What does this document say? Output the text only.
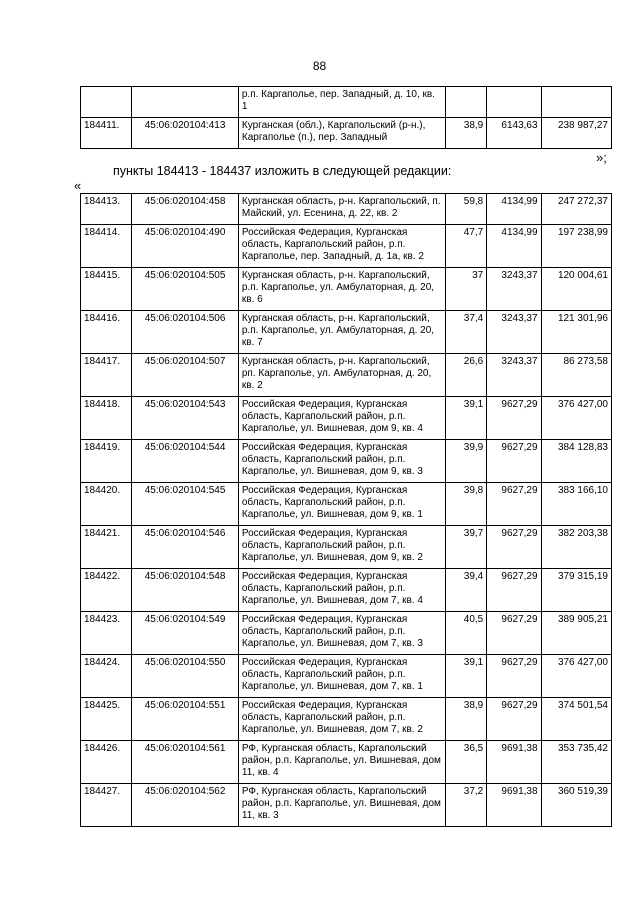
88
		р.п. Каргаполье, пер. Западный, д. 10, кв. 1			
184411.	45:06:020104:413	Курганская (обл.), Каргапольский (р-н.), Каргаполье (п.), пер. Западный	38,9	6143,63	238 987,27
»;
пункты 184413 - 184437 изложить в следующей редакции:
«
184413.	45:06:020104:458	Курганская область, р-н. Каргапольский, п. Майский, ул. Есенина, д. 22, кв. 2	59,8	4134,99	247 272,37
184414.	45:06:020104:490	Российская Федерация, Курганская область, Каргапольский район, р.п. Каргаполье, пер. Западный, д. 1а, кв. 2	47,7	4134,99	197 238,99
184415.	45:06:020104:505	Курганская область, р-н. Каргапольский, р.п. Каргаполье, ул. Амбулаторная, д. 20, кв. 6	37	3243,37	120 004,61
184416.	45:06:020104:506	Курганская область, р-н. Каргапольский, р.п. Каргаполье, ул. Амбулаторная, д. 20, кв. 7	37,4	3243,37	121 301,96
184417.	45:06:020104:507	Курганская область, р-н. Каргапольский, рп. Каргаполье, ул. Амбулаторная, д. 20, кв. 2	26,6	3243,37	86 273,58
184418.	45:06:020104:543	Российская Федерация, Курганская область, Каргапольский район, р.п. Каргаполье, ул. Вишневая, дом 9, кв. 4	39,1	9627,29	376 427,00
184419.	45:06:020104:544	Российская Федерация, Курганская область, Каргапольский район, р.п. Каргаполье, ул. Вишневая, дом 9, кв. 3	39,9	9627,29	384 128,83
184420.	45:06:020104:545	Российская Федерация, Курганская область, Каргапольский район, р.п. Каргаполье, ул. Вишневая, дом 9, кв. 1	39,8	9627,29	383 166,10
184421.	45:06:020104:546	Российская Федерация, Курганская область, Каргапольский район, р.п. Каргаполье, ул. Вишневая, дом 9, кв. 2	39,7	9627,29	382 203,38
184422.	45:06:020104:548	Российская Федерация, Курганская область, Каргапольский район, р.п. Каргаполье, ул. Вишневая, дом 7, кв. 4	39,4	9627,29	379 315,19
184423.	45:06:020104:549	Российская Федерация, Курганская область, Каргапольский район, р.п. Каргаполье, ул. Вишневая, дом 7, кв. 3	40,5	9627,29	389 905,21
184424.	45:06:020104:550	Российская Федерация, Курганская область, Каргапольский район, р.п. Каргаполье, ул. Вишневая, дом 7, кв. 1	39,1	9627,29	376 427,00
184425.	45:06:020104:551	Российская Федерация, Курганская область, Каргапольский район, р.п. Каргаполье, ул. Вишневая, дом 7, кв. 2	38,9	9627,29	374 501,54
184426.	45:06:020104:561	РФ, Курганская область, Каргапольский район, р.п. Каргаполье, ул. Вишневая, дом 11, кв. 4	36,5	9691,38	353 735,42
184427.	45:06:020104:562	РФ, Курганская область, Каргапольский район, р.п. Каргаполье, ул. Вишневая, дом 11, кв. 3	37,2	9691,38	360 519,39
